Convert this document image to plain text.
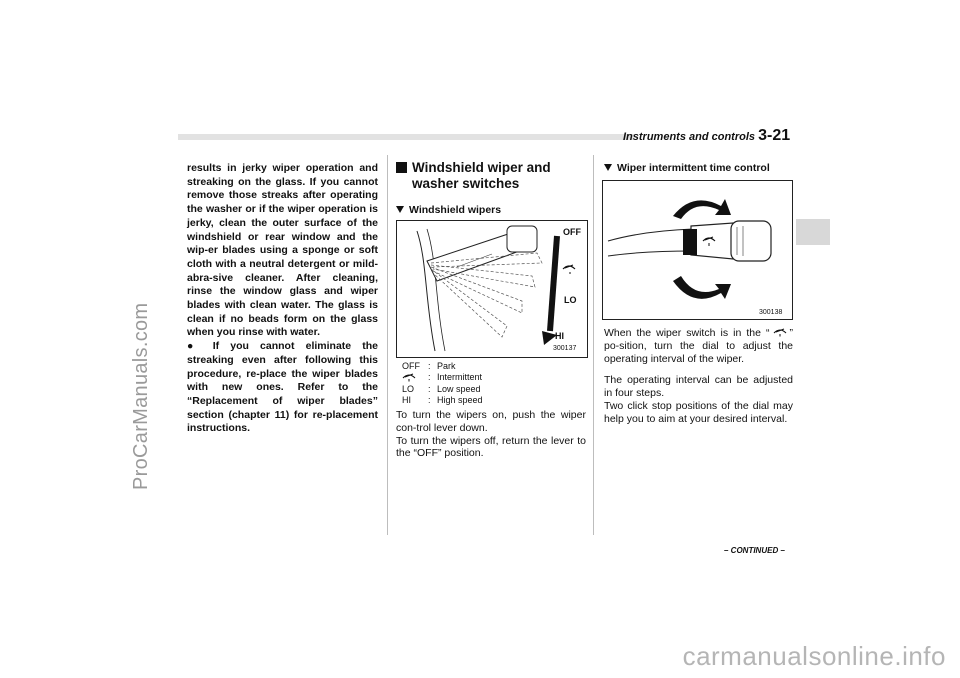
ProCarManuals.com
carmanualsonline.info
Instruments and controls 3-21

results in jerky wiper operation and streaking on the glass. If you cannot remove those streaks after operating the washer or if the wiper operation is jerky, clean the outer surface of the windshield or rear window and the wip-er blades using a sponge or soft cloth with a neutral detergent or mild-abra-sive cleaner. After cleaning, rinse the window glass and wiper blades with clean water. The glass is clean if no beads form on the glass when you rinse with water.

● If you cannot eliminate the streaking even after following this procedure, re-place the wiper blades with new ones. Refer to the “Replacement of wiper blades” section (chapter 11) for re-placement instructions.

Windshield wiper and washer switches
Windshield wipers
OFF
LO
HI
300137
OFF : Park
: Intermittent
LO	: Low speed
HI	: High speed

To turn the wipers on, push the wiper con-trol lever down.

To turn the wipers off, return the lever to the “OFF” position.

Wiper intermittent time control
300138

When the wiper switch is in the “ ” po-sition, turn the dial to adjust the operating interval of the wiper.

The operating interval can be adjusted in four steps.

Two click stop positions of the dial may help you to aim at your desired interval.

– CONTINUED –
